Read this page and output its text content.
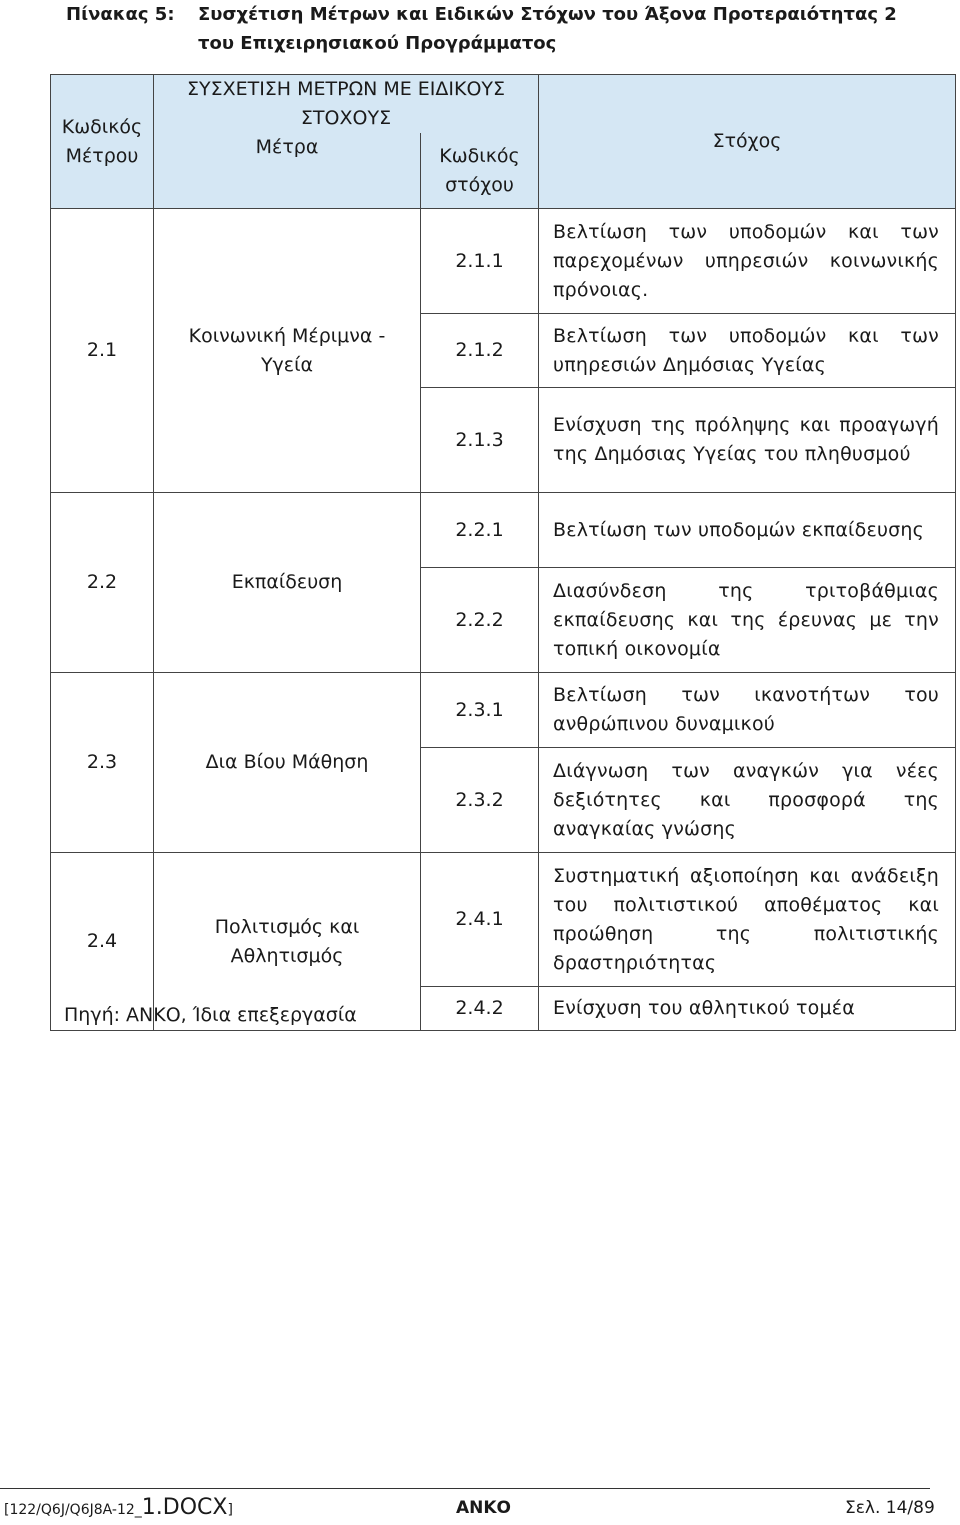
Πίνακας 5: Συσχέτιση Μέτρων και Ειδικών Στόχων του Άξονα Προτεραιότητας 2 του Επιχειρησιακού Προγράμματος
Κωδικός Μέτρου	ΣΥΣΧΕΤΙΣΗ ΜΕΤΡΩΝ ΜΕ ΕΙΔΙΚΟΥΣ ΣΤΟΧΟΥΣ		Στόχος
	Μέτρα	Κωδικός στόχου	
2.1	Κοινωνική Μέριμνα - Υγεία	2.1.1	Βελτίωση των υποδομών και των παρεχομένων υπηρεσιών κοινωνικής πρόνοιας.
		2.1.2	Βελτίωση των υποδομών και των υπηρεσιών Δημόσιας Υγείας
		2.1.3	Ενίσχυση της πρόληψης και προαγωγή της Δημόσιας Υγείας του πληθυσμού
2.2	Εκπαίδευση	2.2.1	Βελτίωση των υποδομών εκπαίδευσης
		2.2.2	Διασύνδεση της τριτοβάθμιας εκπαίδευσης και της έρευνας με την τοπική οικονομία
2.3	Δια Βίου Μάθηση	2.3.1	Βελτίωση των ικανοτήτων του ανθρώπινου δυναμικού
		2.3.2	Διάγνωση των αναγκών για νέες δεξιότητες και προσφορά της αναγκαίας γνώσης
2.4	Πολιτισμός και Αθλητισμός	2.4.1	Συστηματική αξιοποίηση και ανάδειξη του πολιτιστικού αποθέματος και προώθηση της πολιτιστικής δραστηριότητας
		2.4.2	Ενίσχυση του αθλητικού τομέα
Πηγή: ΑΝΚΟ, Ίδια επεξεργασία
[122/Q6J/Q6J8A-12_1.DOCX]	ΑΝΚΟ	Σελ. 14/89
